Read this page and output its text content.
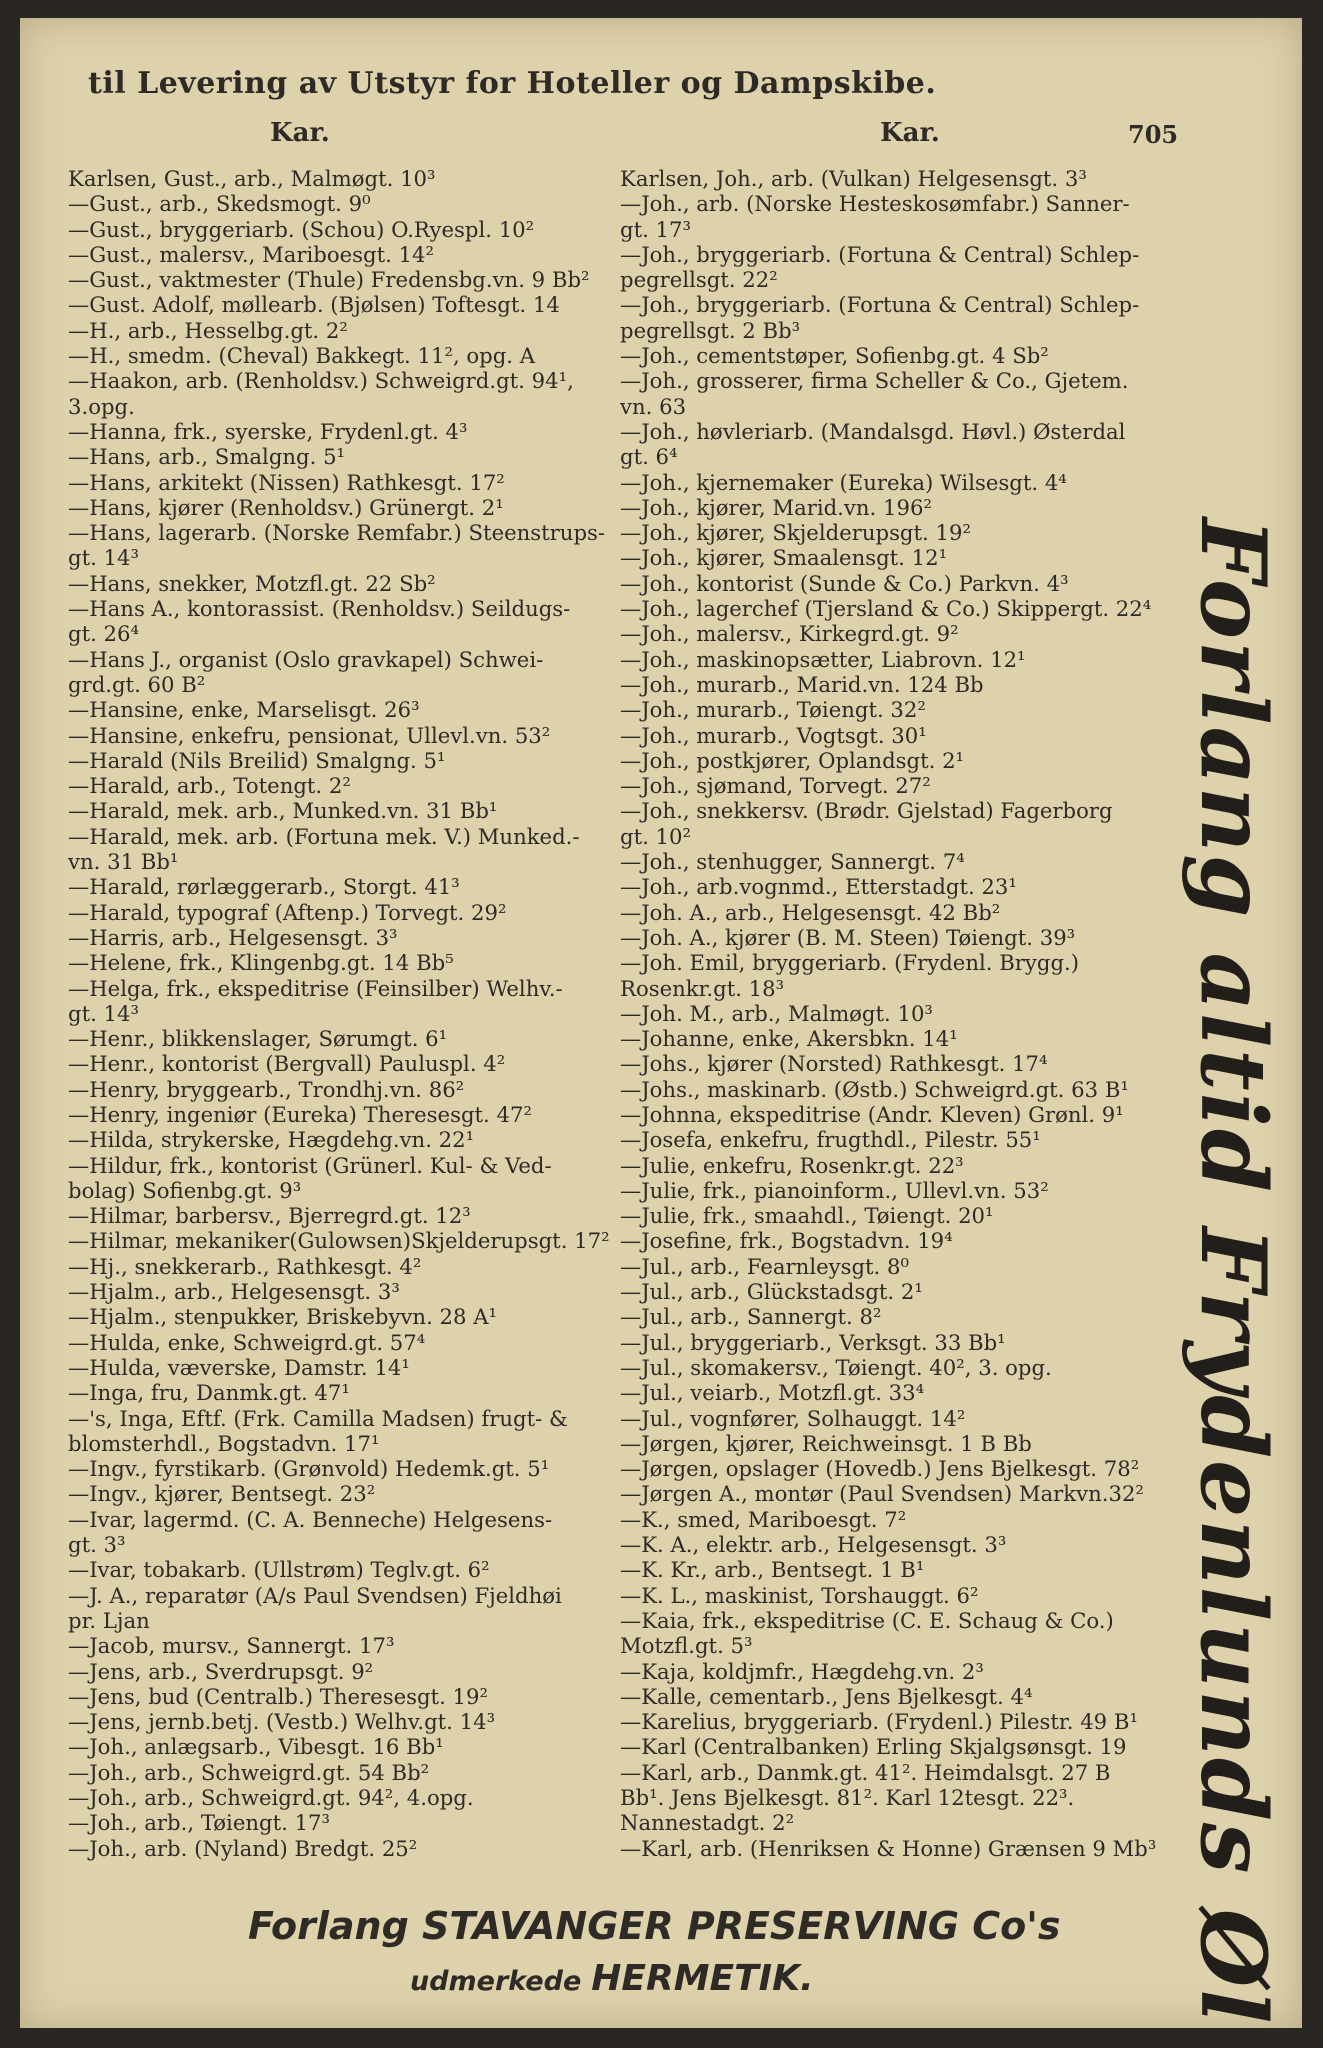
til Levering av Utstyr for Hoteller og Dampskibe.
Kar.	Kar.	705
Karlsen, Gust., arb., Malmøgt. 10³
—Gust., arb., Skedsmogt. 9⁰
—Gust., bryggeriarb. (Schou) O.Ryespl. 10²
—Gust., malersv., Mariboesgt. 14²
—Gust., vaktmester (Thule) Fredensbg.vn. 9 Bb²
—Gust. Adolf, møllearb. (Bjølsen) Toftesgt. 14
—H., arb., Hesselbg.gt. 2²
—H., smedm. (Cheval) Bakkegt. 11², opg. A
—Haakon, arb. (Renholdsv.) Schweigrd.gt. 94¹,
3.opg.
—Hanna, frk., syerske, Frydenl.gt. 4³
—Hans, arb., Smalgng. 5¹
—Hans, arkitekt (Nissen) Rathkesgt. 17²
—Hans, kjører (Renholdsv.) Grünergt. 2¹
—Hans, lagerarb. (Norske Remfabr.) Steenstrups-
gt. 14³
—Hans, snekker, Motzfl.gt. 22 Sb²
—Hans A., kontorassist. (Renholdsv.) Seildugs-
gt. 26⁴
—Hans J., organist (Oslo gravkapel) Schwei-
grd.gt. 60 B²
—Hansine, enke, Marselisgt. 26³
—Hansine, enkefru, pensionat, Ullevl.vn. 53²
—Harald (Nils Breilid) Smalgng. 5¹
—Harald, arb., Totengt. 2²
—Harald, mek. arb., Munked.vn. 31 Bb¹
—Harald, mek. arb. (Fortuna mek. V.) Munked.-
vn. 31 Bb¹
—Harald, rørlæggerarb., Storgt. 41³
—Harald, typograf (Aftenp.) Torvegt. 29²
—Harris, arb., Helgesensgt. 3³
—Helene, frk., Klingenbg.gt. 14 Bb⁵
—Helga, frk., ekspeditrise (Feinsilber) Welhv.-
gt. 14³
—Henr., blikkenslager, Sørumgt. 6¹
—Henr., kontorist (Bergvall) Pauluspl. 4²
—Henry, bryggearb., Trondhj.vn. 86²
—Henry, ingeniør (Eureka) Theresesgt. 47²
—Hilda, strykerske, Hægdehg.vn. 22¹
—Hildur, frk., kontorist (Grünerl. Kul- & Ved-
bolag) Sofienbg.gt. 9³
—Hilmar, barbersv., Bjerregrd.gt. 12³
—Hilmar, mekaniker(Gulowsen)Skjelderupsgt. 17²
—Hj., snekkerarb., Rathkesgt. 4²
—Hjalm., arb., Helgesensgt. 3³
—Hjalm., stenpukker, Briskebyvn. 28 A¹
—Hulda, enke, Schweigrd.gt. 57⁴
—Hulda, væverske, Damstr. 14¹
—Inga, fru, Danmk.gt. 47¹
—'s, Inga, Eftf. (Frk. Camilla Madsen) frugt- &
blomsterhdl., Bogstadvn. 17¹
—Ingv., fyrstikarb. (Grønvold) Hedemk.gt. 5¹
—Ingv., kjører, Bentsegt. 23²
—Ivar, lagermd. (C. A. Benneche) Helgesens-
gt. 3³
—Ivar, tobakarb. (Ullstrøm) Teglv.gt. 6²
—J. A., reparatør (A/s Paul Svendsen) Fjeldhøi
pr. Ljan
—Jacob, mursv., Sannergt. 17³
—Jens, arb., Sverdrupsgt. 9²
—Jens, bud (Centralb.) Theresesgt. 19²
—Jens, jernb.betj. (Vestb.) Welhv.gt. 14³
—Joh., anlægsarb., Vibesgt. 16 Bb¹
—Joh., arb., Schweigrd.gt. 54 Bb²
—Joh., arb., Schweigrd.gt. 94², 4.opg.
—Joh., arb., Tøiengt. 17³
—Joh., arb. (Nyland) Bredgt. 25²
Karlsen, Joh., arb. (Vulkan) Helgesensgt. 3³
—Joh., arb. (Norske Hesteskosømfabr.) Sanner-
gt. 17³
—Joh., bryggeriarb. (Fortuna & Central) Schlep-
pegrellsgt. 22²
—Joh., bryggeriarb. (Fortuna & Central) Schlep-
pegrellsgt. 2 Bb³
—Joh., cementstøper, Sofienbg.gt. 4 Sb²
—Joh., grosserer, firma Scheller & Co., Gjetem.
vn. 63
—Joh., høvleriarb. (Mandalsgd. Høvl.) Østerdal
gt. 6⁴
—Joh., kjernemaker (Eureka) Wilsesgt. 4⁴
—Joh., kjører, Marid.vn. 196²
—Joh., kjører, Skjelderupsgt. 19²
—Joh., kjører, Smaalensgt. 12¹
—Joh., kontorist (Sunde & Co.) Parkvn. 4³
—Joh., lagerchef (Tjersland & Co.) Skippergt. 22⁴
—Joh., malersv., Kirkegrd.gt. 9²
—Joh., maskinopsætter, Liabrovn. 12¹
—Joh., murarb., Marid.vn. 124 Bb
—Joh., murarb., Tøiengt. 32²
—Joh., murarb., Vogtsgt. 30¹
—Joh., postkjører, Oplandsgt. 2¹
—Joh., sjømand, Torvegt. 27²
—Joh., snekkersv. (Brødr. Gjelstad) Fagerborg
gt. 10²
—Joh., stenhugger, Sannergt. 7⁴
—Joh., arb.vognmd., Etterstadgt. 23¹
—Joh. A., arb., Helgesensgt. 42 Bb²
—Joh. A., kjører (B. M. Steen) Tøiengt. 39³
—Joh. Emil, bryggeriarb. (Frydenl. Brygg.)
Rosenkr.gt. 18³
—Joh. M., arb., Malmøgt. 10³
—Johanne, enke, Akersbkn. 14¹
—Johs., kjører (Norsted) Rathkesgt. 17⁴
—Johs., maskinarb. (Østb.) Schweigrd.gt. 63 B¹
—Johnna, ekspeditrise (Andr. Kleven) Grønl. 9¹
—Josefa, enkefru, frugthdl., Pilestr. 55¹
—Julie, enkefru, Rosenkr.gt. 22³
—Julie, frk., pianoinform., Ullevl.vn. 53²
—Julie, frk., smaahdl., Tøiengt. 20¹
—Josefine, frk., Bogstadvn. 19⁴
—Jul., arb., Fearnleysgt. 8⁰
—Jul., arb., Glückstadsgt. 2¹
—Jul., arb., Sannergt. 8²
—Jul., bryggeriarb., Verksgt. 33 Bb¹
—Jul., skomakersv., Tøiengt. 40², 3. opg.
—Jul., veiarb., Motzfl.gt. 33⁴
—Jul., vognfører, Solhauggt. 14²
—Jørgen, kjører, Reichweinsgt. 1 B Bb
—Jørgen, opslager (Hovedb.) Jens Bjelkesgt. 78²
—Jørgen A., montør (Paul Svendsen) Markvn.32²
—K., smed, Mariboesgt. 7²
—K. A., elektr. arb., Helgesensgt. 3³
—K. Kr., arb., Bentsegt. 1 B¹
—K. L., maskinist, Torshauggt. 6²
—Kaia, frk., ekspeditrise (C. E. Schaug & Co.)
Motzfl.gt. 5³
—Kaja, koldjmfr., Hægdehg.vn. 2³
—Kalle, cementarb., Jens Bjelkesgt. 4⁴
—Karelius, bryggeriarb. (Frydenl.) Pilestr. 49 B¹
—Karl (Centralbanken) Erling Skjalgsønsgt. 19
—Karl, arb., Danmk.gt. 41². Heimdalsgt. 27 B
Bb¹. Jens Bjelkesgt. 81². Karl 12tesgt. 22³.
Nannestadgt. 2²
—Karl, arb. (Henriksen & Honne) Grænsen 9 Mb³ Forlang altid Frydenlunds Øl
Forlang STAVANGER PRESERVING Co's
udmerkede HERMETIK.
